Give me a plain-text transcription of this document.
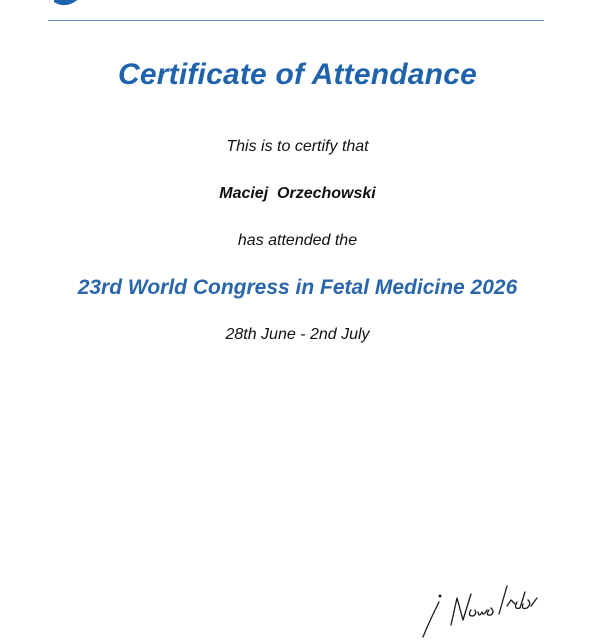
Certificate of Attendance
This is to certify that
Maciej  Orzechowski
has attended the
23rd World Congress in Fetal Medicine 2026
28th June - 2nd July
